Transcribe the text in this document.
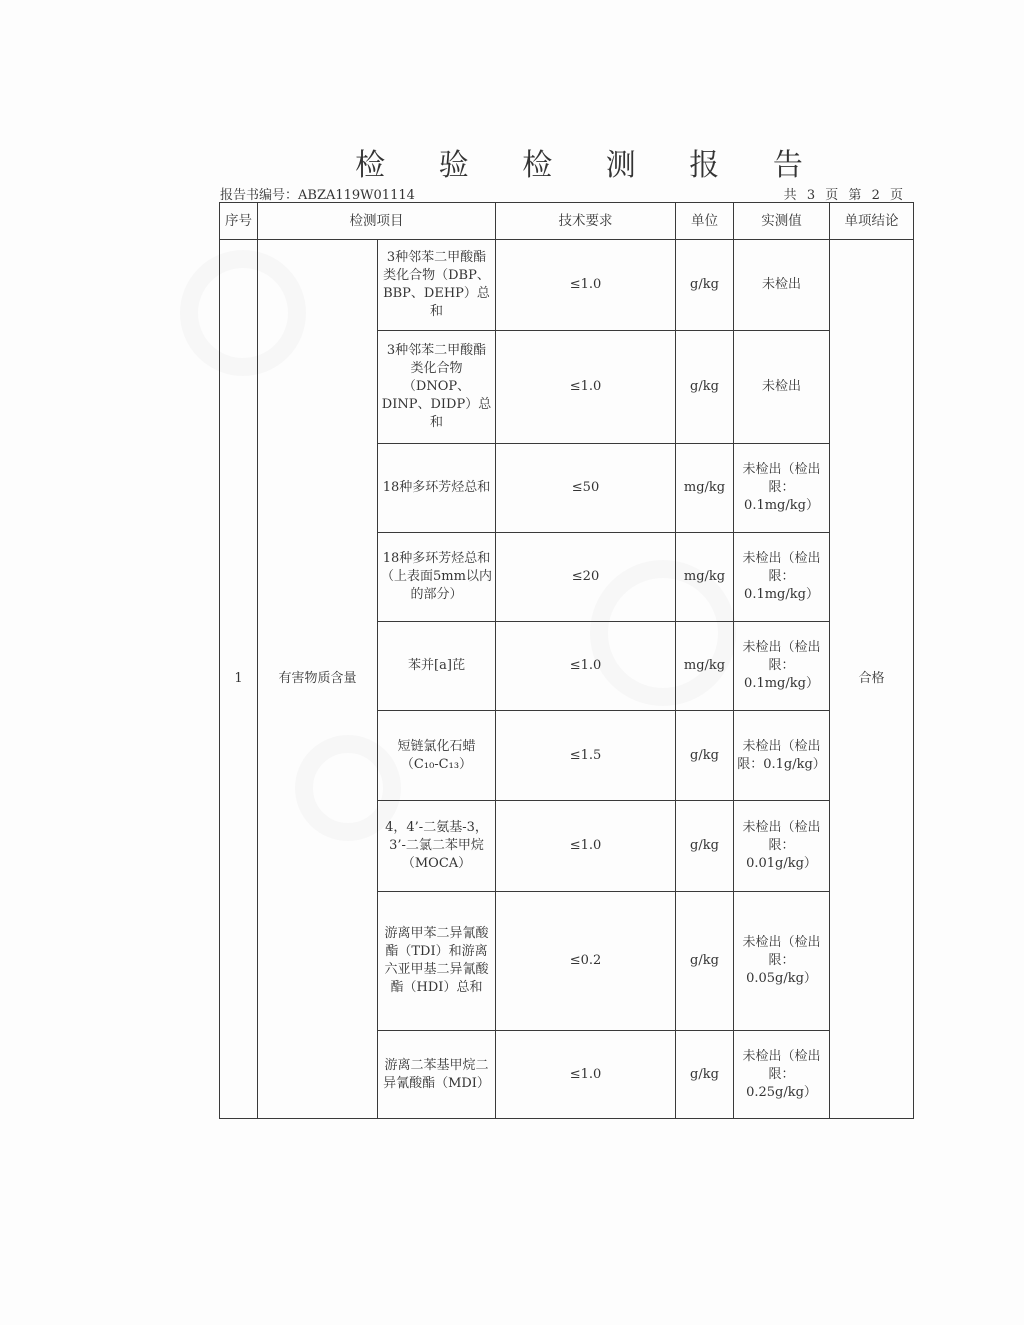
检 验 检 测 报 告
报告书编号：ABZA119W01114	共 3 页 第 2 页
序号	检测项目		技术要求	单位	实测值	单项结论
1	有害物质含量	3种邻苯二甲酸酯类化合物（DBP、BBP、DEHP）总和	≤1.0	g/kg	未检出	合格
		3种邻苯二甲酸酯类化合物（DNOP、DINP、DIDP）总和	≤1.0	g/kg	未检出	
		18种多环芳烃总和	≤50	mg/kg	未检出（检出限：0.1mg/kg）	
		18种多环芳烃总和（上表面5mm以内的部分）	≤20	mg/kg	未检出（检出限：0.1mg/kg）	
		苯并[a]芘	≤1.0	mg/kg	未检出（检出限：0.1mg/kg）	
		短链氯化石蜡（C₁₀-C₁₃）	≤1.5	g/kg	未检出（检出限：0.1g/kg）	
		4，4’-二氨基-3，3’-二氯二苯甲烷（MOCA）	≤1.0	g/kg	未检出（检出限：0.01g/kg）	
		游离甲苯二异氰酸酯（TDI）和游离六亚甲基二异氰酸酯（HDI）总和	≤0.2	g/kg	未检出（检出限：0.05g/kg）	
		游离二苯基甲烷二异氰酸酯（MDI）	≤1.0	g/kg	未检出（检出限：0.25g/kg）	
